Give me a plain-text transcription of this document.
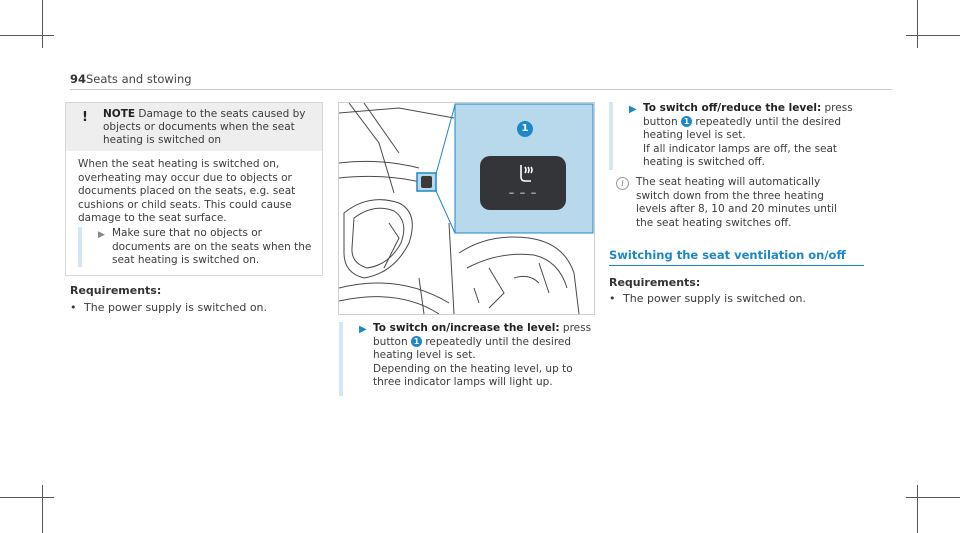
94 Seats and stowing
! NOTE Damage to the seats caused by objects or documents when the seat heating is switched on

When the seat heating is switched on, overheating may occur due to objects or documents placed on the seats, e.g. seat cushions or child seats. This could cause damage to the seat surface.

▶ Make sure that no objects or documents are on the seats when the seat heating is switched on.

Requirements:

• The power supply is switched on.
1
– – –
▶ To switch on/increase the level: press button 1 repeatedly until the desired heating level is set.
Depending on the heating level, up to three indicator lamps will light up.

▶ To switch off/reduce the level: press button 1 repeatedly until the desired heating level is set.
If all indicator lamps are off, the seat heating is switched off.

i	The seat heating will automatically switch down from the three heating levels after 8, 10 and 20 minutes until the seat heating switches off.

Switching the seat ventilation on/off

Requirements:

• The power supply is switched on.
